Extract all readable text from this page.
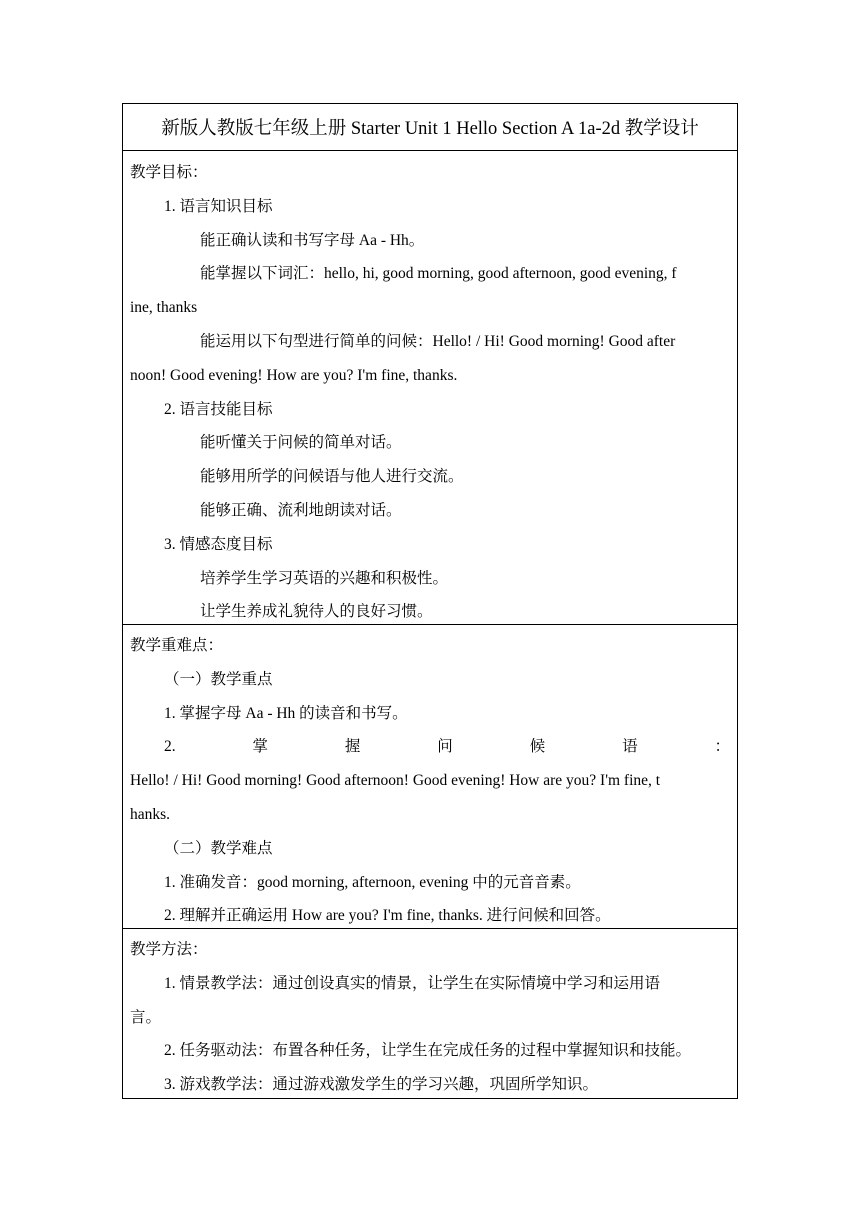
新版人教版七年级上册 Starter Unit 1 Hello Section A 1a-2d 教学设计
教学目标：
1. 语言知识目标
能正确认读和书写字母 Aa - Hh。
能掌握以下词汇：hello, hi, good morning, good afternoon, good evening, f
ine, thanks
能运用以下句型进行简单的问候：Hello! / Hi! Good morning! Good after
noon! Good evening! How are you? I'm fine, thanks.
2. 语言技能目标
能听懂关于问候的简单对话。
能够用所学的问候语与他人进行交流。
能够正确、流利地朗读对话。
3. 情感态度目标
培养学生学习英语的兴趣和积极性。
让学生养成礼貌待人的良好习惯。
教学重难点：
（一）教学重点
1. 掌握字母 Aa - Hh 的读音和书写。
2.	掌	握	问	候	语	：
Hello! / Hi! Good morning! Good afternoon! Good evening! How are you? I'm fine, t
hanks.
（二）教学难点
1. 准确发音：good morning, afternoon, evening 中的元音音素。
2. 理解并正确运用 How are you? I'm fine, thanks. 进行问候和回答。
教学方法：
1. 情景教学法：通过创设真实的情景，让学生在实际情境中学习和运用语
言。
2. 任务驱动法：布置各种任务，让学生在完成任务的过程中掌握知识和技能。
3. 游戏教学法：通过游戏激发学生的学习兴趣，巩固所学知识。
